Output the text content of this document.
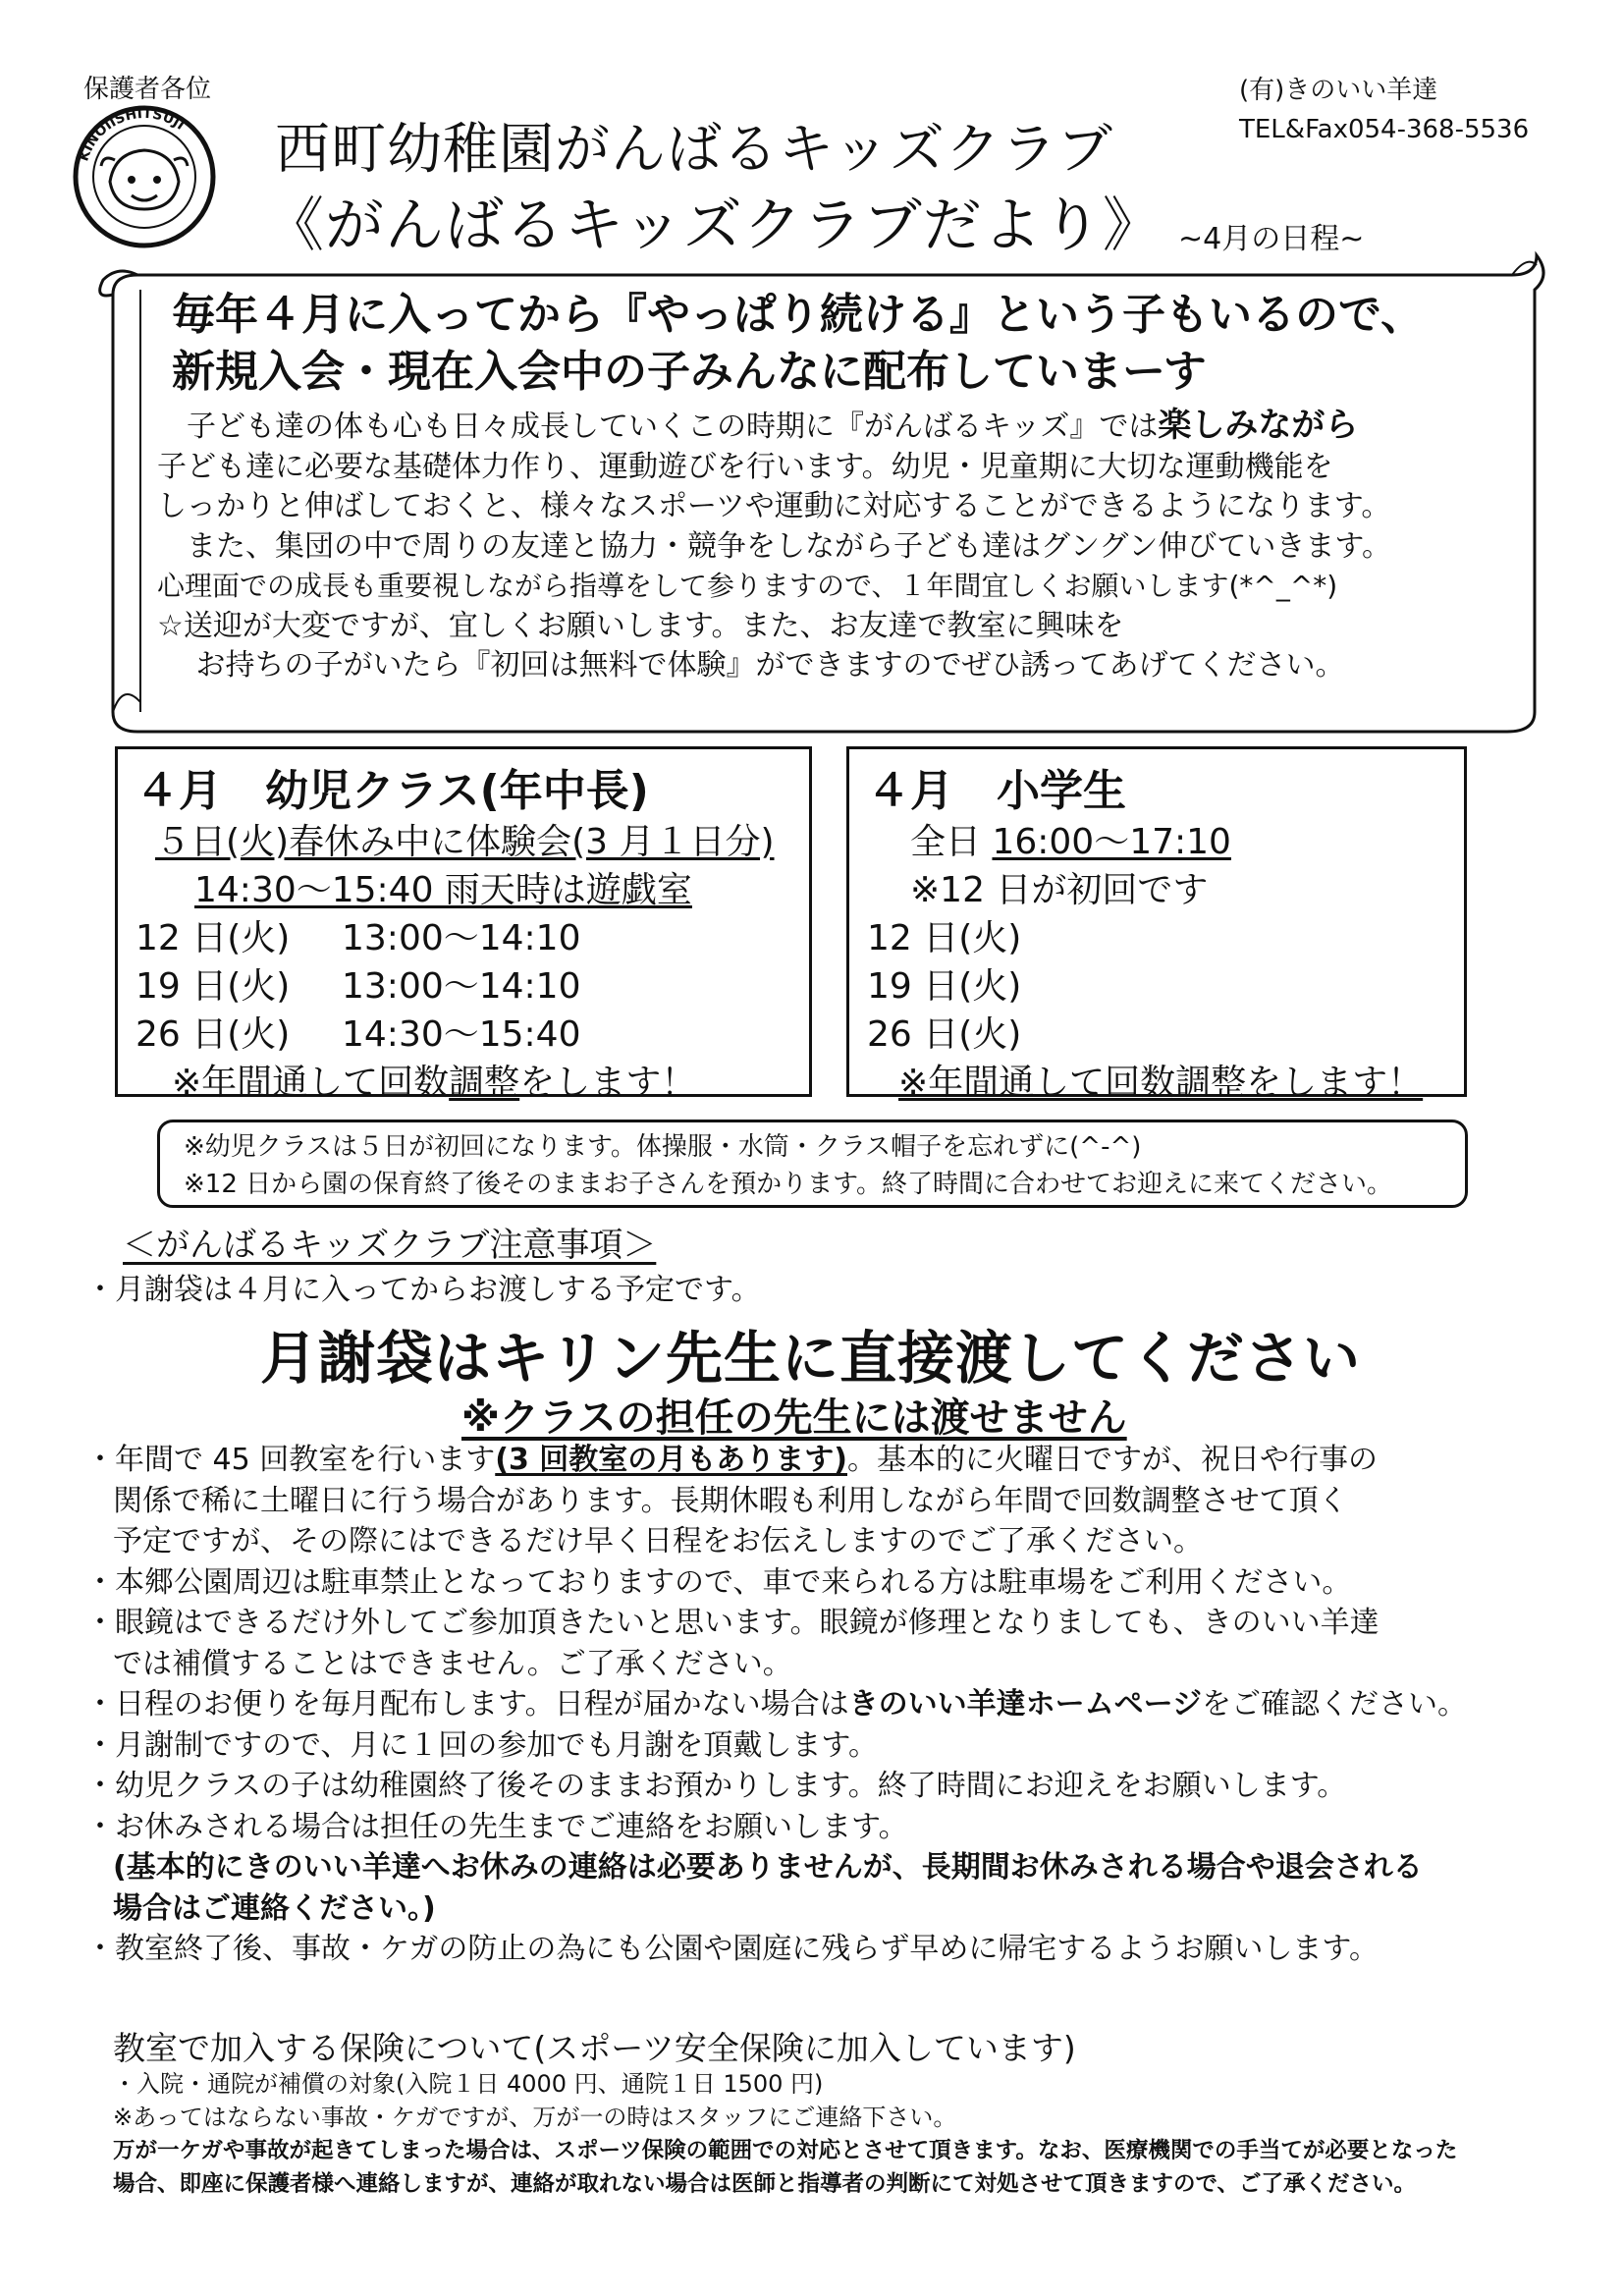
保護者各位
KINOIISHITSUJI
(有)きのいい羊達
TEL&Fax054-368-5536
西町幼稚園がんばるキッズクラブ
《がんばるキッズクラブだより》 ~4月の日程~
毎年４月に入ってから『やっぱり続ける』という子もいるので、
新規入会・現在入会中の子みんなに配布していまーす

　子ども達の体も心も日々成長していくこの時期に『がんばるキッズ』では楽しみながら

子ども達に必要な基礎体力作り、運動遊びを行います。幼児・児童期に大切な運動機能を

しっかりと伸ばしておくと、様々なスポーツや運動に対応することができるようになります。

　また、集団の中で周りの友達と協力・競争をしながら子ども達はグングン伸びていきます。

心理面での成長も重要視しながら指導をして参りますので、１年間宜しくお願いします(*^_^*)

☆送迎が大変ですが、宜しくお願いします。また、お友達で教室に興味を

　 お持ちの子がいたら『初回は無料で体験』ができますのでぜひ誘ってあげてください。

４月　幼児クラス(年中長)
５日(火)春休み中に体験会(3 月１日分)
14:30～15:40 雨天時は遊戯室
12 日(火) 13:00～14:10
19 日(火) 13:00～14:10
26 日(火) 14:30～15:40
※年間通して回数調整をします！
４月　小学生
全日 16:00～17:10
※12 日が初回です
12 日(火)
19 日(火)
26 日(火)
※年間通して回数調整をします！
※幼児クラスは５日が初回になります。体操服・水筒・クラス帽子を忘れずに(^-^)
※12 日から園の保育終了後そのままお子さんを預かります。終了時間に合わせてお迎えに来てください。
＜がんばるキッズクラブ注意事項＞
・月謝袋は４月に入ってからお渡しする予定です。
月謝袋はキリン先生に直接渡してください
※クラスの担任の先生には渡せません
・年間で 45 回教室を行います(3 回教室の月もあります)。基本的に火曜日ですが、祝日や行事の
関係で稀に土曜日に行う場合があります。長期休暇も利用しながら年間で回数調整させて頂く
予定ですが、その際にはできるだけ早く日程をお伝えしますのでご了承ください。
・本郷公園周辺は駐車禁止となっておりますので、車で来られる方は駐車場をご利用ください。
・眼鏡はできるだけ外してご参加頂きたいと思います。眼鏡が修理となりましても、きのいい羊達
では補償することはできません。ご了承ください。
・日程のお便りを毎月配布します。日程が届かない場合はきのいい羊達ホームページをご確認ください。
・月謝制ですので、月に１回の参加でも月謝を頂戴します。
・幼児クラスの子は幼稚園終了後そのままお預かりします。終了時間にお迎えをお願いします。
・お休みされる場合は担任の先生までご連絡をお願いします。
(基本的にきのいい羊達へお休みの連絡は必要ありませんが、長期間お休みされる場合や退会される
場合はご連絡ください。)
・教室終了後、事故・ケガの防止の為にも公園や園庭に残らず早めに帰宅するようお願いします。
教室で加入する保険について(スポーツ安全保険に加入しています)
・入院・通院が補償の対象(入院１日 4000 円、通院１日 1500 円)
※あってはならない事故・ケガですが、万が一の時はスタッフにご連絡下さい。
万が一ケガや事故が起きてしまった場合は、スポーツ保険の範囲での対応とさせて頂きます。なお、医療機関での手当てが必要となった
場合、即座に保護者様へ連絡しますが、連絡が取れない場合は医師と指導者の判断にて対処させて頂きますので、ご了承ください。
